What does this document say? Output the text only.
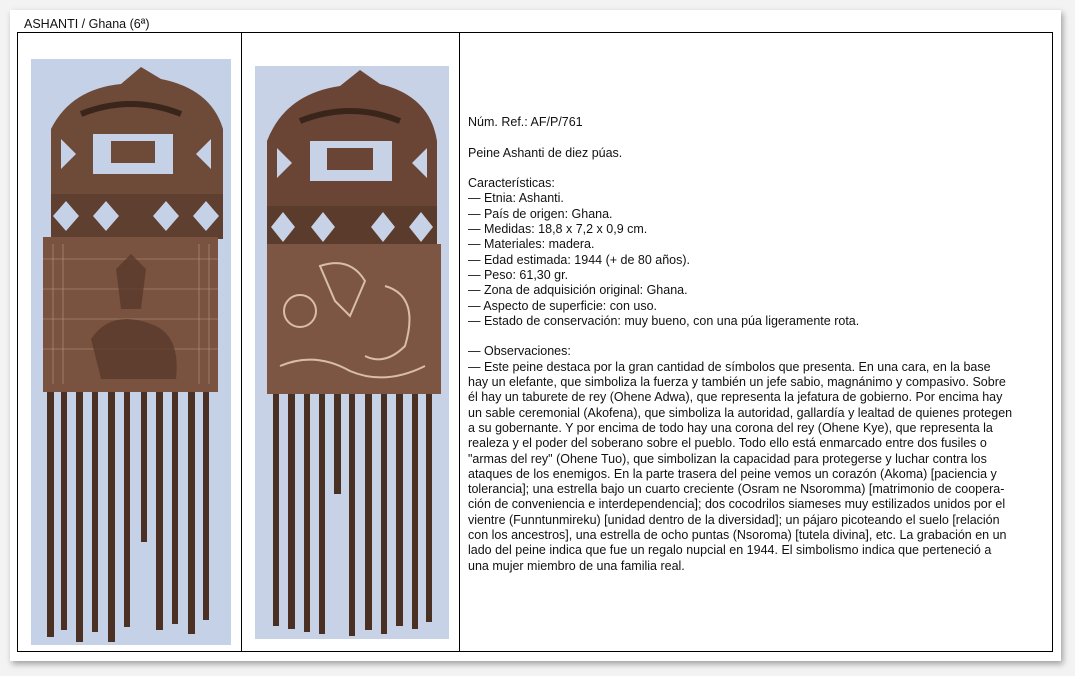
ASHANTI / Ghana (6ª)

Núm. Ref.: AF/P/761

Peine Ashanti de diez púas.

Características:

— Etnia: Ashanti.

— País de origen: Ghana.

— Medidas: 18,8 x 7,2 x 0,9 cm.

— Materiales: madera.

— Edad estimada: 1944 (+ de 80 años).

— Peso: 61,30 gr.

— Zona de adquisición original: Ghana.

— Aspecto de superficie: con uso.

— Estado de conservación: muy bueno, con una púa ligeramente rota.

— Observaciones:

— Este peine destaca por la gran cantidad de símbolos que presenta. En una cara, en la base

hay un elefante, que simboliza la fuerza y también un jefe sabio, magnánimo y compasivo. Sobre

él hay un taburete de rey (Ohene Adwa), que representa la jefatura de gobierno. Por encima hay

un sable ceremonial (Akofena), que simboliza la autoridad, gallardía y lealtad de quienes protegen

a su gobernante. Y por encima de todo hay una corona del rey (Ohene Kye), que representa la

realeza y el poder del soberano sobre el pueblo. Todo ello está enmarcado entre dos fusiles o

"armas del rey" (Ohene Tuo), que simbolizan la capacidad para protegerse y luchar contra los

ataques de los enemigos. En la parte trasera del peine vemos un corazón (Akoma) [paciencia y

tolerancia]; una estrella bajo un cuarto creciente (Osram ne Nsoromma) [matrimonio de coopera-

ción de conveniencia e interdependencia]; dos cocodrilos siameses muy estilizados unidos por el

vientre (Funntunmireku) [unidad dentro de la diversidad]; un pájaro picoteando el suelo [relación

con los ancestros], una estrella de ocho puntas (Nsoroma) [tutela divina], etc. La grabación en un

lado del peine indica que fue un regalo nupcial en 1944. El simbolismo indica que perteneció a

una mujer miembro de una familia real.
